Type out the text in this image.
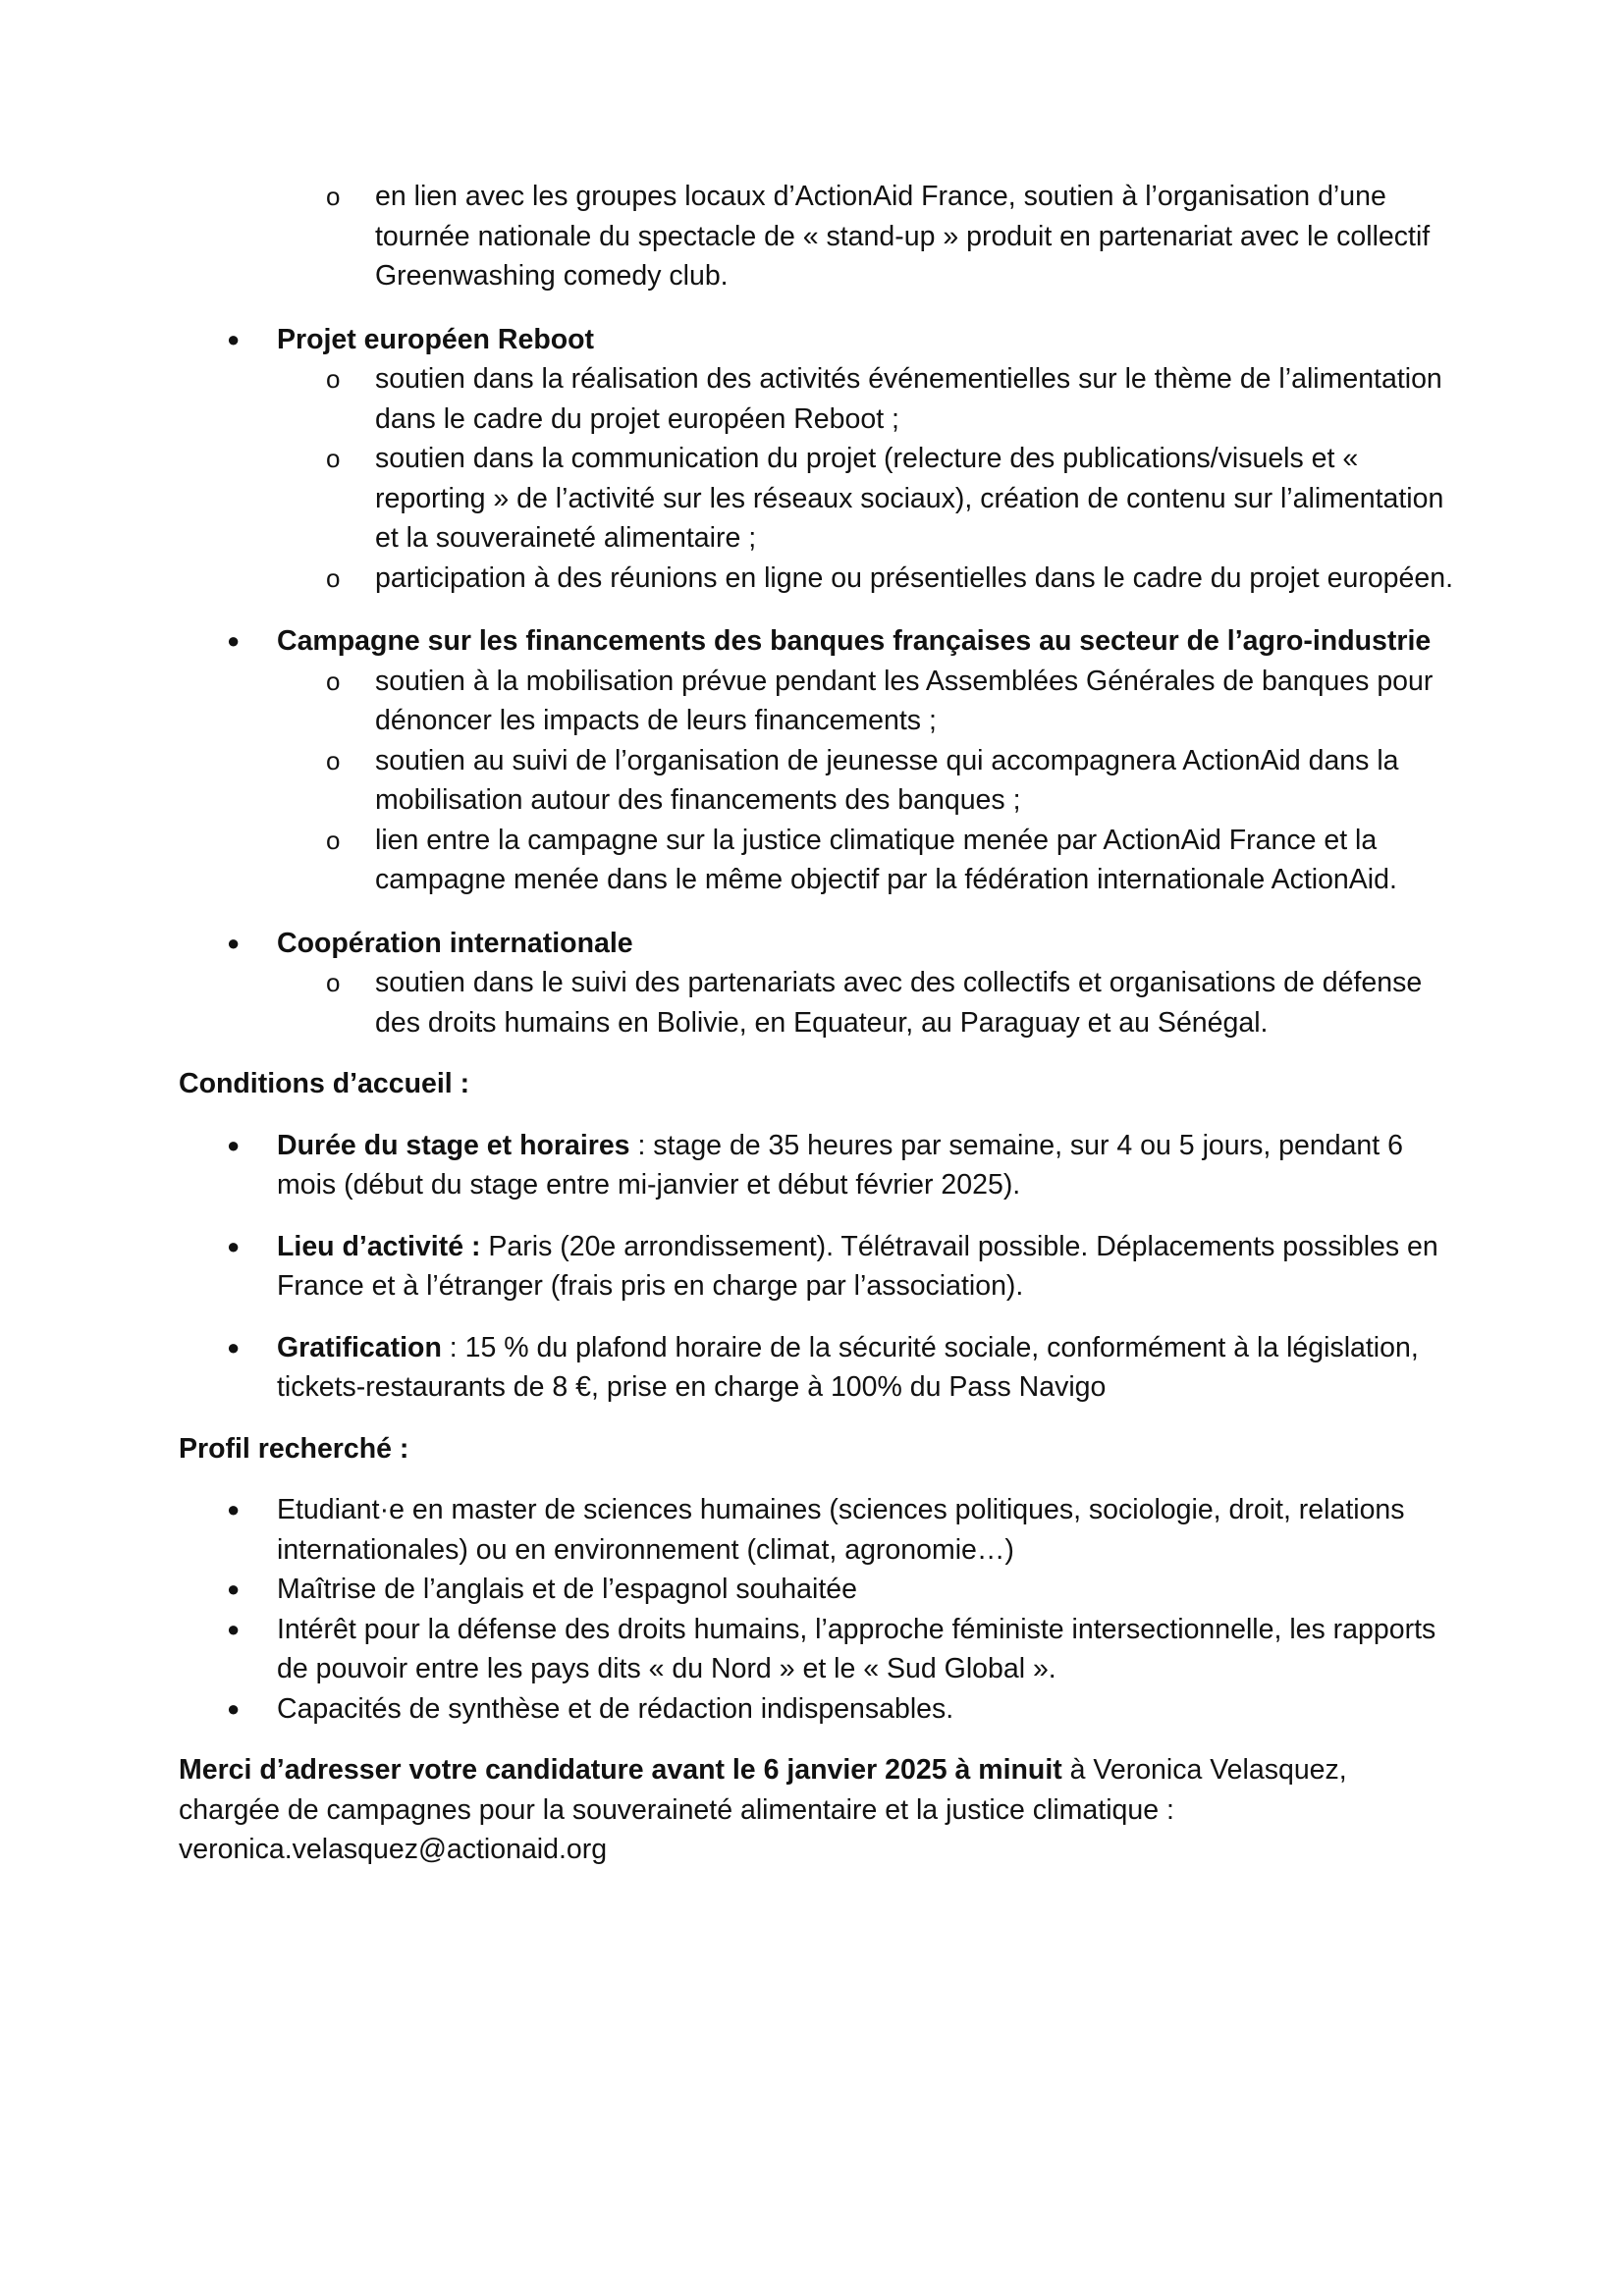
o en lien avec les groupes locaux d’ActionAid France, soutien à l’organisation d’une tournée nationale du spectacle de « stand-up » produit en partenariat avec le collectif Greenwashing comedy club.
● Projet européen Reboot
o soutien dans la réalisation des activités événementielles sur le thème de l’alimentation dans le cadre du projet européen Reboot ;
o soutien dans la communication du projet (relecture des publications/visuels et « reporting » de l’activité sur les réseaux sociaux), création de contenu sur l’alimentation et la souveraineté alimentaire ;
o participation à des réunions en ligne ou présentielles dans le cadre du projet européen.
● Campagne sur les financements des banques françaises au secteur de l’agro-industrie
o soutien à la mobilisation prévue pendant les Assemblées Générales de banques pour dénoncer les impacts de leurs financements ;
o soutien au suivi de l’organisation de jeunesse qui accompagnera ActionAid dans la mobilisation autour des financements des banques ;
o lien entre la campagne sur la justice climatique menée par ActionAid France et la campagne menée dans le même objectif par la fédération internationale ActionAid.
● Coopération internationale
o soutien dans le suivi des partenariats avec des collectifs et organisations de défense des droits humains en Bolivie, en Equateur, au Paraguay et au Sénégal.
Conditions d’accueil :
● Durée du stage et horaires : stage de 35 heures par semaine, sur 4 ou 5 jours, pendant 6 mois (début du stage entre mi-janvier et début février 2025).
● Lieu d’activité : Paris (20e arrondissement). Télétravail possible. Déplacements possibles en France et à l’étranger (frais pris en charge par l’association).
● Gratification : 15 % du plafond horaire de la sécurité sociale, conformément à la législation, tickets-restaurants de 8 €, prise en charge à 100% du Pass Navigo
Profil recherché :
● Etudiant·e en master de sciences humaines (sciences politiques, sociologie, droit, relations internationales) ou en environnement (climat, agronomie…)
● Maîtrise de l’anglais et de l’espagnol souhaitée
● Intérêt pour la défense des droits humains, l’approche féministe intersectionnelle, les rapports de pouvoir entre les pays dits « du Nord » et le « Sud Global ».
● Capacités de synthèse et de rédaction indispensables.
Merci d’adresser votre candidature avant le 6 janvier 2025 à minuit à Veronica Velasquez, chargée de campagnes pour la souveraineté alimentaire et la justice climatique : veronica.velasquez@actionaid.org
